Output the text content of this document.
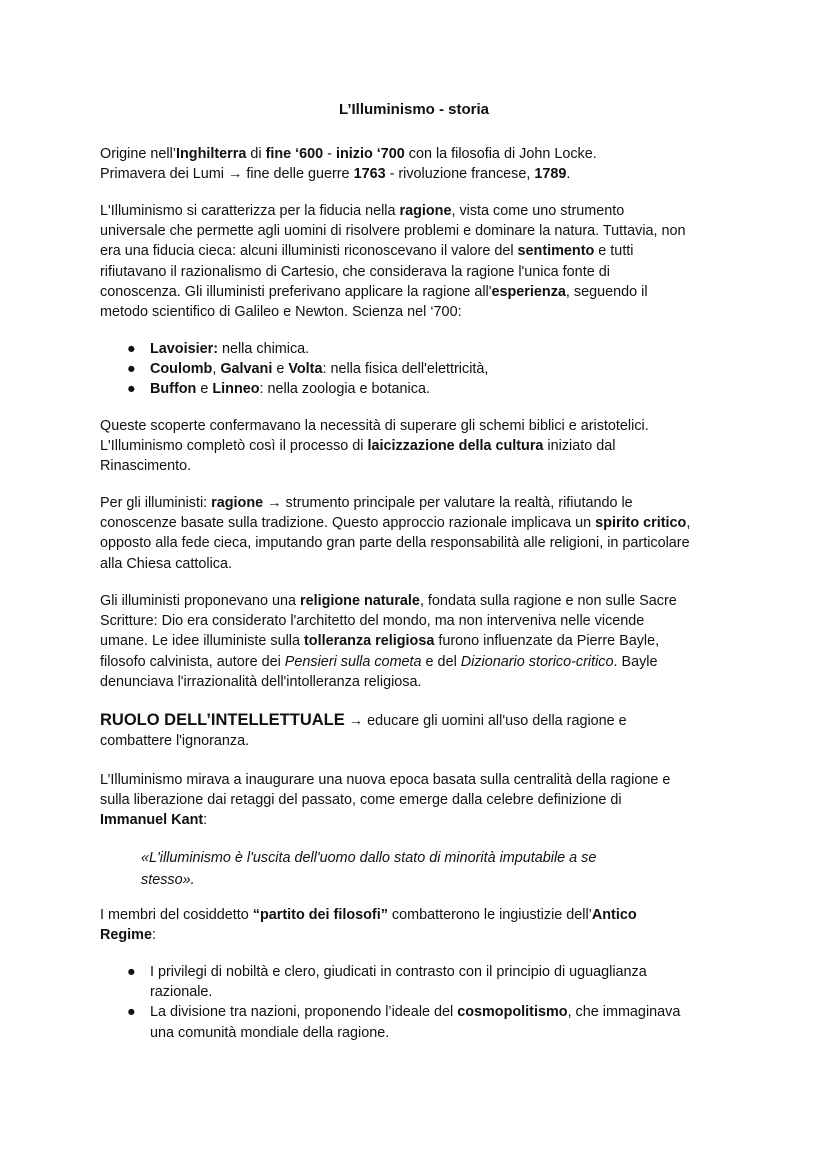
L’Illuminismo - storia
Origine nell’Inghilterra di fine ‘600 - inizio ‘700 con la filosofia di John Locke.
Primavera dei Lumi → fine delle guerre 1763 - rivoluzione francese, 1789.
L'Illuminismo si caratterizza per la fiducia nella ragione, vista come uno strumento
universale che permette agli uomini di risolvere problemi e dominare la natura. Tuttavia, non
era una fiducia cieca: alcuni illuministi riconoscevano il valore del sentimento e tutti
rifiutavano il razionalismo di Cartesio, che considerava la ragione l'unica fonte di
conoscenza. Gli illuministi preferivano applicare la ragione all'esperienza, seguendo il
metodo scientifico di Galileo e Newton. Scienza nel ‘700:
● Lavoisier: nella chimica.
● Coulomb, Galvani e Volta: nella fisica dell'elettricità,
● Buffon e Linneo: nella zoologia e botanica.
Queste scoperte confermavano la necessità di superare gli schemi biblici e aristotelici.
L'Illuminismo completò così il processo di laicizzazione della cultura iniziato dal
Rinascimento.
Per gli illuministi: ragione → strumento principale per valutare la realtà, rifiutando le
conoscenze basate sulla tradizione. Questo approccio razionale implicava un spirito critico,
opposto alla fede cieca, imputando gran parte della responsabilità alle religioni, in particolare
alla Chiesa cattolica.
Gli illuministi proponevano una religione naturale, fondata sulla ragione e non sulle Sacre
Scritture: Dio era considerato l'architetto del mondo, ma non interveniva nelle vicende
umane. Le idee illuministe sulla tolleranza religiosa furono influenzate da Pierre Bayle,
filosofo calvinista, autore dei Pensieri sulla cometa e del Dizionario storico-critico. Bayle
denunciava l'irrazionalità dell'intolleranza religiosa.
RUOLO DELL’INTELLETTUALE → educare gli uomini all'uso della ragione e
combattere l'ignoranza.
L’Illuminismo mirava a inaugurare una nuova epoca basata sulla centralità della ragione e
sulla liberazione dai retaggi del passato, come emerge dalla celebre definizione di
Immanuel Kant:
«L'illuminismo è l'uscita dell'uomo dallo stato di minorità imputabile a se
stesso».
I membri del cosiddetto “partito dei filosofi” combatterono le ingiustizie dell’Antico
Regime:
● I privilegi di nobiltà e clero, giudicati in contrasto con il principio di uguaglianza
razionale.
● La divisione tra nazioni, proponendo l’ideale del cosmopolitismo, che immaginava
una comunità mondiale della ragione.
